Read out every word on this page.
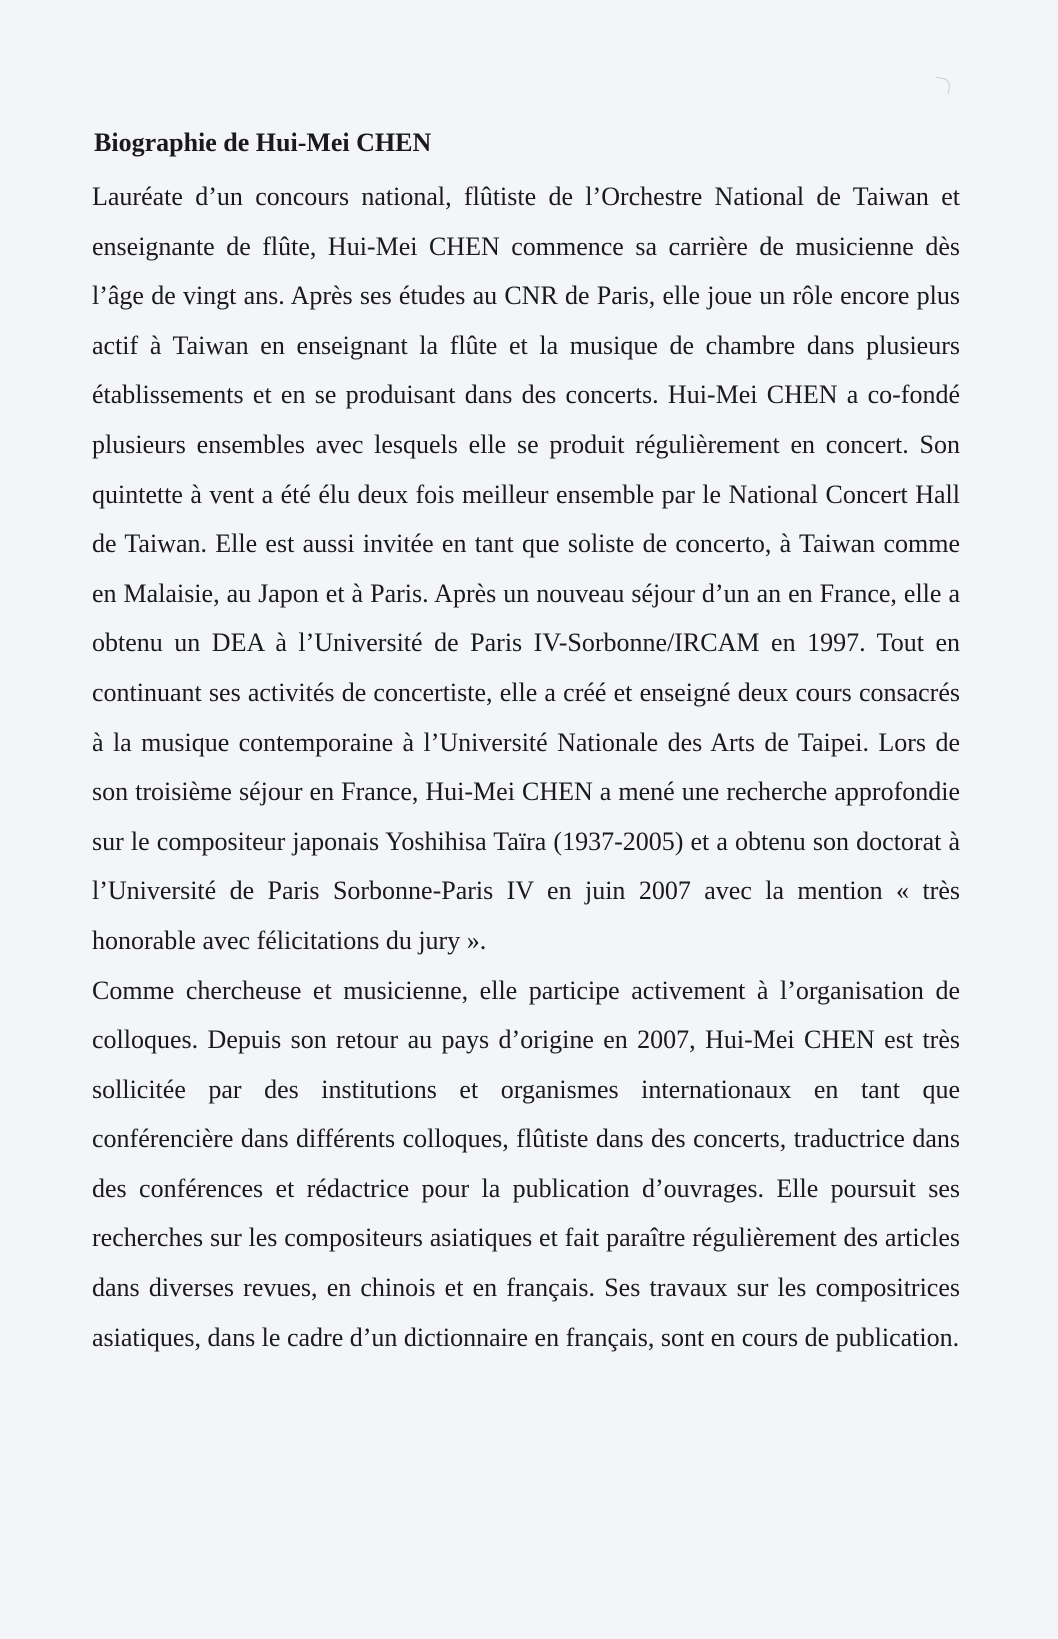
Biographie de Hui-Mei CHEN

Lauréate d’un concours national, flûtiste de l’Orchestre National de Taiwan et enseignante de flûte, Hui-Mei CHEN commence sa carrière de musicienne dès l’âge de vingt ans. Après ses études au CNR de Paris, elle joue un rôle encore plus actif à Taiwan en enseignant la flûte et la musique de chambre dans plusieurs établissements et en se produisant dans des concerts. Hui-Mei CHEN a co-fondé plusieurs ensembles avec lesquels elle se produit régulièrement en concert. Son quintette à vent a été élu deux fois meilleur ensemble par le National Concert Hall de Taiwan. Elle est aussi invitée en tant que soliste de concerto, à Taiwan comme en Malaisie, au Japon et à Paris. Après un nouveau séjour d’un an en France, elle a obtenu un DEA à l’Université de Paris IV-Sorbonne/IRCAM en 1997. Tout en continuant ses activités de concertiste, elle a créé et enseigné deux cours consacrés à la musique contemporaine à l’Université Nationale des Arts de Taipei. Lors de son troisième séjour en France, Hui-Mei CHEN a mené une recherche approfondie sur le compositeur japonais Yoshihisa Taïra (1937-2005) et a obtenu son doctorat à l’Université de Paris Sorbonne-Paris IV en juin 2007 avec la mention « très honorable avec félicitations du jury ».

Comme chercheuse et musicienne, elle participe activement à l’organisation de colloques. Depuis son retour au pays d’origine en 2007, Hui-Mei CHEN est très sollicitée par des institutions et organismes internationaux en tant que conférencière dans différents colloques, flûtiste dans des concerts, traductrice dans des conférences et rédactrice pour la publication d’ouvrages. Elle poursuit ses recherches sur les compositeurs asiatiques et fait paraître régulièrement des articles dans diverses revues, en chinois et en français. Ses travaux sur les compositrices asiatiques, dans le cadre d’un dictionnaire en français, sont en cours de publication.
